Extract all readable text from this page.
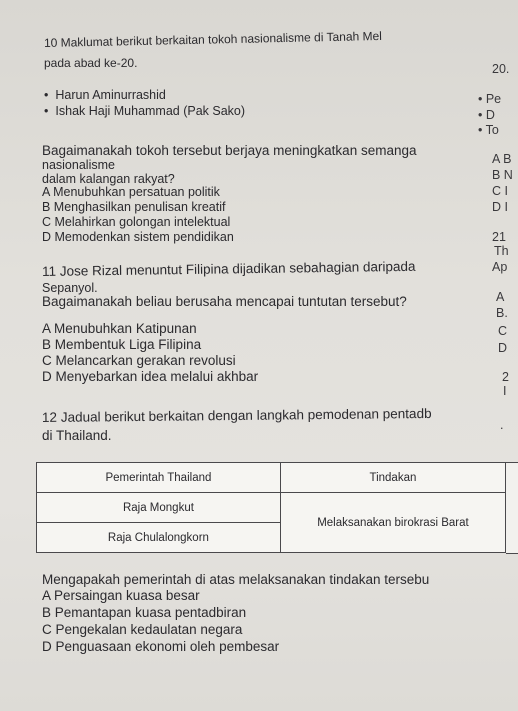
10 Maklumat berikut berkaitan tokoh nasionalisme di Tanah Mel
pada abad ke-20.
• Harun Aminurrashid
• Ishak Haji Muhammad (Pak Sako)
Bagaimanakah tokoh tersebut berjaya meningkatkan semanga
nasionalisme
dalam kalangan rakyat?
A Menubuhkan persatuan politik
B Menghasilkan penulisan kreatif
C Melahirkan golongan intelektual
D Memodenkan sistem pendidikan
11 Jose Rizal menuntut Filipina dijadikan sebahagian daripada
Sepanyol.
Bagaimanakah beliau berusaha mencapai tuntutan tersebut?
A Menubuhkan Katipunan
B Membentuk Liga Filipina
C Melancarkan gerakan revolusi
D Menyebarkan idea melalui akhbar
12 Jadual berikut berkaitan dengan langkah pemodenan pentadb
di Thailand.
Pemerintah Thailand	Tindakan
Raja Mongkut	Melaksanakan birokrasi Barat
Raja Chulalongkorn	
Mengapakah pemerintah di atas melaksanakan tindakan tersebu
A Persaingan kuasa besar
B Pemantapan kuasa pentadbiran
C Pengekalan kedaulatan negara
D Penguasaan ekonomi oleh pembesar
20.
• Pe
• D
• To
A B
B N
C I
D I
21
Th
Ap
A
B.
C
D
2
I
.
